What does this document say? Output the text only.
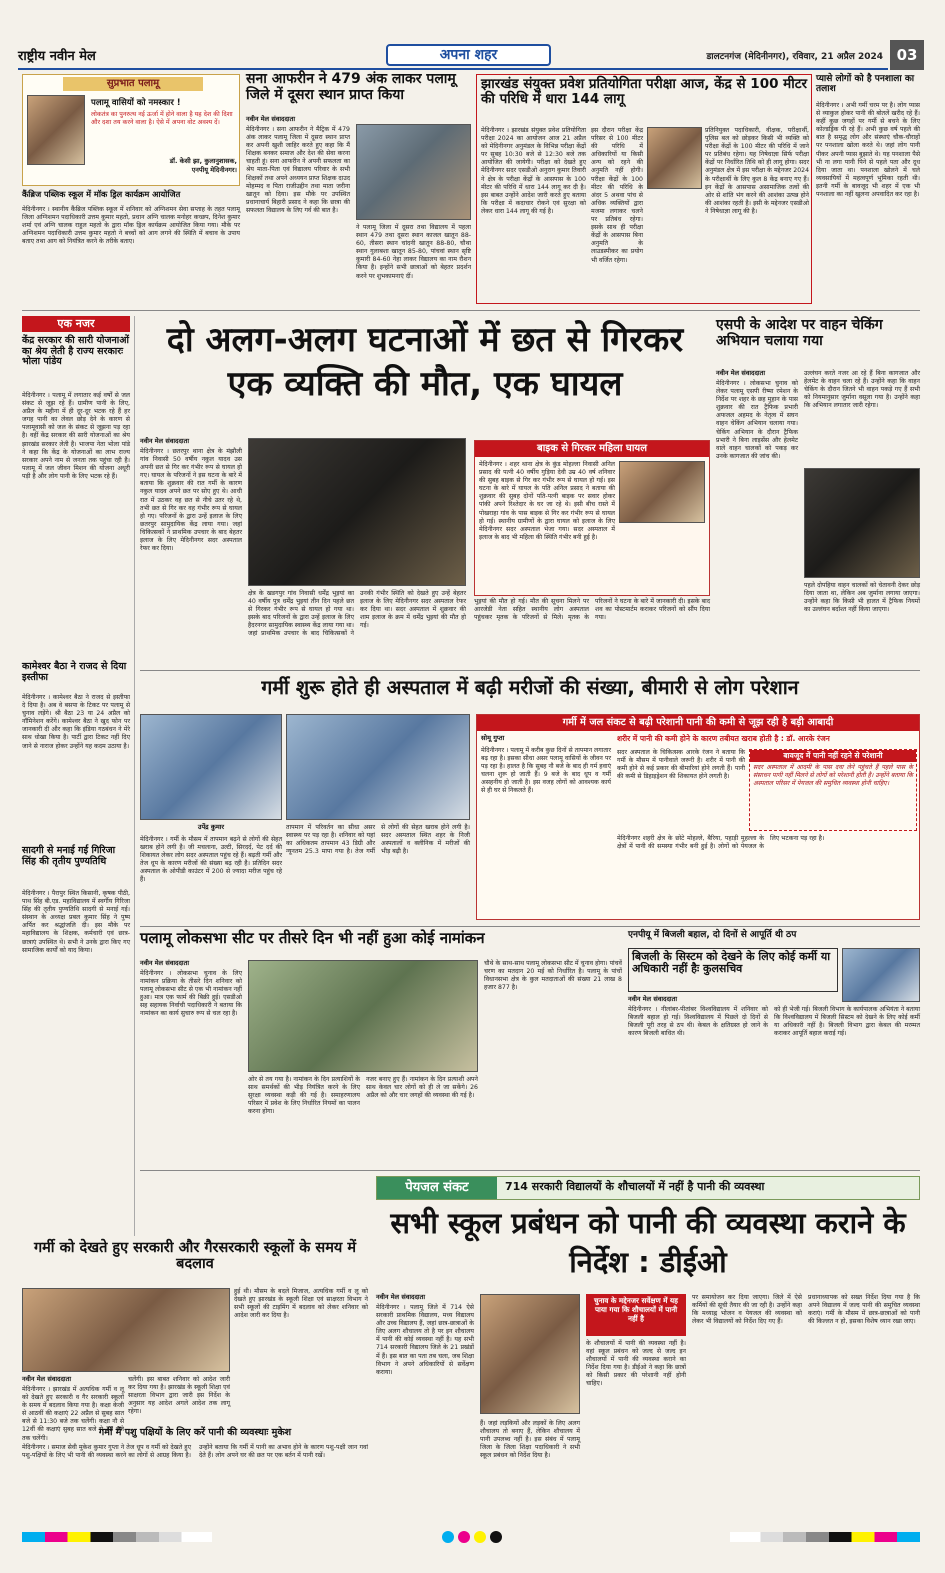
राष्ट्रीय नवीन मेल	अपना शहर	डालटनगंज (मेदिनीनगर), रविवार, 21 अप्रैल 2024 03
सुप्रभात पलामू
पलामू वासियों को नमस्कार !
लोकतंत्र का पुनरुत्थ नई ऊर्जा में होने वाला है यह देश की दिशा और दशा तय करने वाला है। ऐसे में अपना वोट अवश्य दें।
डॉ. केसी झा, कुलानुशासक,
एनपीयू मेदिनीनगर।
कैंब्रिज पब्लिक स्कूल में मॉक ड्रिल कार्यक्रम आयोजित
मेदिनीनगर । स्थानीय कैंब्रिज पब्लिक स्कूल में शनिवार को अग्निशमन सेवा सप्ताह के तहत पलामू जिला अग्निशमन पदाधिकारी उत्तम कुमार महतो, प्रधान अग्नि चालक मनोहर कच्छप, दिनेश कुमार शर्मा एवं अग्नि चालक राहुल महतो के द्वारा मॉक ड्रिल कार्यक्रम आयोजित किया गया। मौके पर अग्निशमन पदाधिकारी उत्तम कुमार महतो ने बच्चों को आग लगने की स्थिति में बचाव के उपाय बताए तथा आग को नियंत्रित करने के तरीके बताए।
सना आफरीन ने 479 अंक लाकर पलामू जिले में दूसरा स्थान प्राप्त किया
नवीन मेल संवाददाता
मेदिनीनगर । सना आफरीन ने मैट्रिक में 479 अंक लाकर पलामू जिला में दूसरा स्थान प्राप्त कर अपनी खुशी जाहिर करते हुए कहा कि मैं शिक्षक बनकर समाज और देश की सेवा करना चाहती हूं। सना आफरीन ने अपनी सफलता का श्रेय माता-पिता एवं विद्यालय परिवार के सभी शिक्षकों तथा अपने अध्ययन प्राप्त शिक्षक दाउद मोहम्मद व पिता राजीउद्दीन तथा माता जरीना खातून को दिया। इस मौके पर उपस्थित प्रधानाचार्य बिहारी प्रसाद ने कहा कि छात्रा की सफलता विद्यालय के लिए गर्व की बात है।
ने पलामू जिला में दूसरा तथा विद्यालय में पहला स्थान 479 तथा दूसरा स्थान काजल खातून 88-60, तीसरा स्थान चांदनी खातून 88-80, चौथा स्थान गुलाबशा खातून 85-80, पांचवां स्थान सृष्टि कुमारी 84-60 नेहा लाकर विद्यालय का नाम रौशन किया है। इन्होंने सभी छात्राओं को बेहतर प्रदर्शन करने पर शुभकामनाएं दीं।
झारखंड संयुक्त प्रवेश प्रतियोगिता परीक्षा आज, केंद्र से 100 मीटर की परिधि में धारा 144 लागू
मेदिनीनगर । झारखंड संयुक्त प्रवेश प्रतियोगिता परीक्षा 2024 का आयोजन आज 21 अप्रैल को मेदिनीनगर अनुमंडल के विभिन्न परीक्षा केंद्रों पर सुबह 10:30 बजे से 12:30 बजे तक आयोजित की जायेगी। परीक्षा को देखते हुए मेदिनीनगर सदर एसडीओ अनुराग कुमार तिवारी ने क्षेत्र के परीक्षा केंद्रों के आसपास के 100 मीटर की परिधि में धारा 144 लागू कर दी है। इस बाबत उन्होंने आदेश जारी करते हुए बताया कि परीक्षा में कदाचार रोकने एवं सुरक्षा को लेकर धारा 144 लागू की गई है।
इस दौरान परीक्षा केंद्र परिसर से 100 मीटर की परिधि में अधिकारियों या किसी अन्य को रहने की अनुमति नहीं होगी। परीक्षा केंद्रों के 100 मीटर की परिधि के अंदर 5 अथवा पांच से अधिक व्यक्तियों द्वारा मजमा लगाकर चलने पर प्रतिबंध रहेगा। इसके साथ ही परीक्षा केंद्रों के आसपास बिना अनुमति के लाउडस्पीकर का प्रयोग भी वर्जित रहेगा।
प्रतिनियुक्त पदाधिकारी, वीक्षक, परीक्षार्थी, पुलिस बल को छोड़कर किसी भी व्यक्ति को परीक्षा केंद्रों के 100 मीटर की परिधि में जाने पर प्रतिबंध रहेगा। यह निषेधाज्ञा सिर्फ परीक्षा केंद्रों पर निर्धारित तिथि को ही लागू होगा। सदर अनुमंडल क्षेत्र में इस परीक्षा के मद्देनजर 2024 के परीक्षार्थी के लिए कुल 8 केंद्र बनाए गए हैं। इन केंद्रों के आसपास असामाजिक तत्वों की ओर से शांति भंग करने की आशंका उत्पन्न होने की आशंका रहती है। इसी के मद्देनजर एसडीओ ने निषेधाज्ञा लागू की है।
प्यासे लोगों को है पनशाला का तलाश
मेदिनीनगर । अभी गर्मी चरम पर है। लोग प्यास से व्याकुल होकर पानी की बोतलें खरीद रहे हैं। कहीं कुछ जगहों पर गर्मी से बचने के लिए कोल्डड्रिंक पी रहे हैं। अभी कुछ वर्ष पहले की बात है समृद्ध लोग और संस्थाएं चौक-चौराहों पर पनशाला खोला करते थे। जहां लोग पानी पीकर अपनी प्यास बुझाते थे। यह पनशाला पैसे भी ना लगा पानी पिने से पहले पता और दूध दिया जाता था। पनशाला खोलने में चले व्यवसायियों में महत्वपूर्ण भूमिका रहती थी। इतनी गर्मी के बावजूद भी शहर में एक भी पनशाला का नहीं खुलना अपवादित कर रहा है।
एक नजर
केंद्र सरकार की सारी योजनाओं का श्रेय लेती है राज्य सरकारः भोला पांडेय
मेदिनीनगर । पलामू में लगातार कई वर्षों से जल संकट से जूझ रहे हैं। ग्रामीण पानी के लिए, अप्रैल के महीना में ही दूर-दूर भटक रहे हैं हर जगह पानी का लेवल छोड़ देने के कारण से पलामूवासी को जल के संकट से जूझना पड़ रहा है। वहीं केंद्र सरकार की सारी योजनाओं का श्रेय झारखंड सरकार लेती है। भाजपा नेता भोला पांडे ने कहा कि केंद्र के योजनाओं का लाभ राज्य सरकार अपने नाम से जनता तक पहुंचा रही है। पलामू में जल जीवन मिशन की योजना अधूरी पड़ी है और लोग पानी के लिए भटक रहे हैं।
कामेश्वर बैठा ने राजद से दिया इस्तीफा
मेदिनीनगर । कामेश्वर बैठा ने राजद से इस्तीफा दे दिया है। अब वे बसपा के टिकट पर पलामू से चुनाव लड़ेंगे। श्री बैठा 23 या 24 अप्रैल को नॉमिनेशन करेंगे। कामेश्वर बैठा ने खुद फोन पर जानकारी दी और कहा कि इंडिया गठबंधन ने मेरे साथ धोखा किया है। पार्टी द्वारा टिकट नहीं दिए जाने से नाराज होकर उन्होंने यह कदम उठाया है।
सादगी से मनाई गई गिरिजा सिंह की तृतीय पुण्यतिथि
मेदिनीनगर । पैरापुर स्थित किसानी, कृषक पीठी, पाथ सिंह बी.एड. महाविद्यालय में स्वर्गीय गिरिजा सिंह की तृतीय पुण्यतिथि सादगी से मनाई गई। संस्थान के अध्यक्ष प्रबल कुमार सिंह ने पुष्प अर्पित कर श्रद्धांजलि दी। इस मौके पर महाविद्यालय के शिक्षक, कर्मचारी एवं छात्र-छात्राएं उपस्थित थे। सभी ने उनके द्वारा किए गए सामाजिक कार्यों को याद किया।
दो अलग-अलग घटनाओं में छत से गिरकर एक व्यक्ति की मौत, एक घायल
नवीन मेल संवाददाता
मेदिनीनगर । छतरपुर थाना क्षेत्र के मंझौली गांव निवासी 50 वर्षीय नकुल यादव उस अपनी छत से गिर कर गंभीर रूप से घायल हो गए। घायल के परिजनों ने इस घटना के बारे में बताया कि शुक्रवार की रात गर्मी के कारण नकुल यादव अपने छत पर सोए हुए थे। आधी रात में उठकर वह छत से नीचे उतर रहे थे, तभी छत से गिर कर वह गंभीर रूप से घायल हो गए। परिजनों के द्वारा उन्हें इलाज के लिए छतरपुर सामुदायिक केंद्र लाया गया। जहां चिकित्सकों ने प्राथमिक उपचार के बाद बेहतर इलाज के लिए मेदिनीनगर सदर अस्पताल रेफर कर दिया।
क्षेत्र के खडगपुर गांव निवासी धर्मेंद्र भुइयां का 40 वर्षीय पुत्र धर्मेंद्र भुइयां तीन दिन पहले छत से गिरकर गंभीर रूप से घायल हो गया था। इसके बाद परिजनों के द्वारा उन्हें इलाज के लिए हैदरनगर सामुदायिक स्वास्थ्य केंद्र लाया गया था। जहां प्राथमिक उपचार के बाद चिकित्सकों ने उनकी गंभीर स्थिति को देखते हुए उन्हें बेहतर इलाज के लिए मेदिनीनगर सदर अस्पताल रेफर कर दिया था। सदर अस्पताल में शुक्रवार की शाम इलाज के क्रम में धर्मेंद्र भुइयां की मौत हो गई।
भुइयां की मौत हो गई। मौत की सूचना मिलने पर आरजेडी नेता सहित स्थानीय लोग अस्पताल पहुंचकर मृतक के परिजनों से मिले। मृतक के परिजनों ने घटना के बारे में जानकारी दी। इसके बाद शव का पोस्टमार्टम कराकर परिजनों को सौंप दिया गया।
बाइक से गिरकर महिला घायल
मेदिनीनगर । शहर थाना क्षेत्र के कुंड मोहल्ला निवासी अनिल प्रसाद की पत्नी 40 वर्षीय गुड़िया देवी उम्र 40 वर्ष शनिवार की सुबह बाइक से गिर कर गंभीर रूप से घायल हो गई। इस घटना के बारे में घायल के पति अनिल प्रसाद ने बताया की शुक्रवार की सुबह दोनों पति-पत्नी बाइक पर सवार होकर पांकी अपने रिश्तेदार के घर जा रहे थे। इसी बीच रास्ते में पोखराहा गांव के पास बाइक से गिर कर गंभीर रूप से घायल हो गई। स्थानीय ग्रामीणों के द्वारा घायल को इलाज के लिए मेदिनीनगर सदर अस्पताल भेजा गया। सदर अस्पताल में इलाज के बाद भी महिला की स्थिति गंभीर बनी हुई है।
एसपी के आदेश पर वाहन चेकिंग अभियान चलाया गया
नवीन मेल संवाददाता
मेदिनीनगर । लोकसभा चुनाव को लेकर पलामू एसपी रीष्मा रमेशन के निर्देश पर शहर के छह मुहान के पास शुक्रवार की रात ट्रैफिक प्रभारी अफजल अहमद के नेतृत्व में सघन वाहन चेकिंग अभियान चलाया गया। चेकिंग अभियान के दौरान ट्रैफिक प्रभारी ने बिना लाइसेंस और हेलमेट वाले वाहन चालकों को पकड़ कर उनके कागजात की जांच की।
उल्लंघन करते नजर आ रहे हैं बिना कागजात और हेलमेट के वाहन चला रहे हैं। उन्होंने कहा कि वाहन चेकिंग के दौरान जितने भी वाहन पकड़े गए हैं सभी को नियमानुसार जुर्माना वसूला गया है। उन्होंने कहा कि अभियान लगातार जारी रहेगा।
पहले दोपहिया वाहन चालकों को चेतावनी देकर छोड़ दिया जाता था, लेकिन अब जुर्माना लगाया जाएगा। उन्होंने कहा कि किसी भी हालत में ट्रैफिक नियमों का उल्लंघन बर्दाश्त नहीं किया जाएगा।
गर्मी शुरू होते ही अस्पताल में बढ़ी मरीजों की संख्या, बीमारी से लोग परेशान
उपेंद्र कुमार
मेदिनीनगर । गर्मी के मौसम में तापमान बढ़ने से लोगों की सेहत खराब होने लगी है। जी मचलाना, उल्टी, सिरदर्द, पेट दर्द की शिकायत लेकर लोग सदर अस्पताल पहुंच रहे हैं। बढ़ती गर्मी और तेज धूप के कारण मरीजों की संख्या बढ़ रही है। प्रतिदिन सदर अस्पताल के ओपीडी काउंटर में 200 से ज्यादा मरीज पहुंच रहे हैं।
तापमान में परिवर्तन का सीधा असर स्वास्थ्य पर पड़ रहा है। शनिवार को यहां का अधिकतम तापमान 43 डिग्री और न्यूनतम 25.3 मापा गया है। तेज गर्मी से लोगों की सेहत खराब होने लगी है। सदर अस्पताल स्थित शहर के निजी अस्पतालों व क्लीनिक में मरीजों की भीड़ बढ़ी है।
गर्मी में जल संकट से बढ़ी परेशानी पानी की कमी से जूझ रही है बड़ी आबादी
शरीर में पानी की कमी होने के कारण तबीयत खराब होती है : डॉ. आरके रंजन
सोमू गुप्ता
मेदिनीनगर । पलामू में करीब कुछ दिनों से तापमान लगातार बढ़ रहा है। इसका सीधा असर पलामू वासियों के जीवन पर पड़ रहा है। हालत है कि सुबह नौ बजे के बाद ही गर्म हवाएं चलना शुरू हो जाती हैं। 9 बजे के बाद धूप व गर्मी असहनीय हो जाती है। इस वजह लोगों को आवश्यक कार्य से ही घर से निकलते हैं।
सदर अस्पताल के चिकित्सक आरके रंजन ने बताया कि गर्मी के मौसम में पानीवाले जरूरी है। शरीर में पानी की कमी होने से कई प्रकार की बीमारियां होने लगती हैं। पानी की कमी से डिहाइड्रेशन की शिकायत होने लगती है।
बावजूद में पानी नहीं रहने से परेशानी
सदर अस्पताल में आदमी के पास दवा लेने पहुंचते हैं पहले पास के संसाधन पानी नहीं मिलने से लोगों को परेशानी होती है। उन्होंने बताया कि अस्पताल परिसर में पेयजल की समुचित व्यवस्था होनी चाहिए।
मेदिनीनगर शहरी क्षेत्र के छोटे मोहल्ले, बैरिया, पहाड़ी मुहल्ला के क्षेत्रों में पानी की समस्या गंभीर बनी हुई है। लोगों को पेयजल के लिए भटकना पड़ रहा है।
पलामू लोकसभा सीट पर तीसरे दिन भी नहीं हुआ कोई नामांकन
नवीन मेल संवाददाता
मेदिनीनगर । लोकसभा चुनाव के लिए नामांकन प्रक्रिया के तीसरे दिन शनिवार को पलामू लोकसभा सीट से एक भी नामांकन नहीं हुआ। मात्र एक फार्म की बिक्री हुई। एसडीओ सह सहायक निर्वाची पदाधिकारी ने बताया कि नामांकन का कार्य सुचारु रूप से चल रहा है।
ओर से तय गया है। नामांकन के दिन प्रत्याशियों के साथ समर्थकों की भीड़ नियंत्रित करने के लिए सुरक्षा व्यवस्था कड़ी की गई है। समाहरणालय परिसर में प्रवेश के लिए निर्धारित नियमों का पालन करना होगा।
नजर बनाए हुए हैं। नामांकन के दिन प्रत्याशी अपने साथ केवल चार लोगों को ही ले जा सकेंगे। 26 अप्रैल को और चार जगहों की व्यवस्था की गई है।
चौथे के साथ-साथ पलामू लोकसभा सीट में चुनाव होगा। पांचवें चरण का मतदान 20 मई को निर्धारित है। पलामू के पांचों विधानसभा क्षेत्र के कुल मतदाताओं की संख्या 21 लाख 8 हजार 877 है।
एनपीयू में बिजली बहाल, दो दिनों से आपूर्ति थी ठप
बिजली के सिस्टम को देखने के लिए कोई कर्मी या अधिकारी नहीं हैः कुलसचिव
नवीन मेल संवाददाता
मेदिनीनगर । नीलांबर-पीतांबर विश्वविद्यालय में शनिवार को बिजली बहाल हो गई। विश्वविद्यालय में पिछले दो दिनों से बिजली पूरी तरह से ठप थी। केबल के क्षतिग्रस्त हो जाने के कारण बिजली बाधित थी।
को ही भेजी गई। बिजली विभाग के कार्यपालक अभियंता ने बताया कि विश्वविद्यालय में बिजली सिस्टम को देखने के लिए कोई कर्मी या अधिकारी नहीं है। बिजली विभाग द्वारा केबल की मरम्मत कराकर आपूर्ति बहाल कराई गई।
गर्मी को देखते हुए सरकारी और गैरसरकारी स्कूलों के समय में बदलाव
नवीन मेल संवाददाता
मेदिनीनगर । झारखंड में अत्यधिक गर्मी व लू को देखते हुए सरकारी व गैर सरकारी स्कूलों के समय में बदलाव किया गया है। कक्षा केजी से आठवीं की कक्षाएं 22 अप्रैल से सुबह सात बजे से 11:30 बजे तक चलेंगी। कक्षा नौ से 12वीं की कक्षाएं सुबह सात बजे से 12 बजे तक चलेंगी।
चलेंगी। इस बाबत शनिवार को आदेश जारी कर दिया गया है। झारखंड के स्कूली शिक्षा एवं साक्षरता विभाग द्वारा जारी इस निर्देश के अनुसार यह आदेश अगले आदेश तक लागू रहेगा।
हुई थी। मौसम के बदले मिजाज, अत्यधिक गर्मी व लू को देखते हुए झारखंड के स्कूली शिक्षा एवं साक्षरता विभाग ने सभी स्कूलों की टाइमिंग में बदलाव को लेकर शनिवार को आदेश जारी कर दिया है।
गर्मी में पशु पक्षियों के लिए करें पानी की व्यवस्थाः मुकेश
मेदिनीनगर । समाज सेवी मुकेश कुमार गुप्ता ने तेज धूप व गर्मी को देखते हुए पशु-पक्षियों के लिए भी पानी की व्यवस्था करने का लोगों से आग्रह किया है। उन्होंने बताया कि गर्मी में पानी का अभाव होने के कारण पशु-पक्षी जान गवां देते हैं। लोग अपने घर की छत पर एक बर्तन में पानी रखें।
पेयजल संकट	714 सरकारी विद्यालयों के शौचालयों में नहीं है पानी की व्यवस्था
सभी स्कूल प्रबंधन को पानी की व्यवस्था कराने के निर्देश : डीईओ
नवीन मेल संवाददाता
मेदिनीनगर । पलामू जिले में 714 ऐसे सरकारी प्राथमिक विद्यालय, मध्य विद्यालय और उच्च विद्यालय हैं, जहां छात्र-छात्राओं के लिए अलग शौचालय तो है पर इन शौचालय में पानी की कोई व्यवस्था नहीं है। यह सभी 714 सरकारी विद्यालय जिले के 21 प्रखंडों में हैं। इस बात का पता तब चला, जब शिक्षा विभाग ने अपने अधिकारियों से सर्वेक्षण कराया।
हैं। जहां लड़कियों और लड़कों के लिए अलग शौचालय तो बनाए हैं, लेकिन शौचालय में पानी उपलब्ध नहीं है। इस संबंध में पलामू जिला के जिला शिक्षा पदाधिकारी ने सभी स्कूल प्रबंधन को निर्देश दिया है।
चुनाव के मद्देनजर सर्वेक्षण में यह पाया गया कि शौचालयों में पानी नहीं है
के शौचालयों में पानी की व्यवस्था नहीं है। वहां स्कूल प्रबंधन को जल्द से जल्द इन शौचालयों में पानी की व्यवस्था कराने का निर्देश दिया गया है। डीईओ ने कहा कि छात्रों को किसी प्रकार की परेशानी नहीं होनी चाहिए।
पर समायोजन कर दिया जाएगा। जिले में ऐसे कर्मियों की सूची तैयार की जा रही है। उन्होंने कहा कि मध्याह्न भोजन व पेयजल की व्यवस्था को लेकर भी विद्यालयों को निर्देश दिए गए हैं।
प्रधानाध्यापक को सख्त निर्देश दिया गया है कि अपने विद्यालय में जल्द पानी की समुचित व्यवस्था कराएं। गर्मी के मौसम में छात्र-छात्राओं को पानी की किल्लत न हो, इसका विशेष ध्यान रखा जाए।
